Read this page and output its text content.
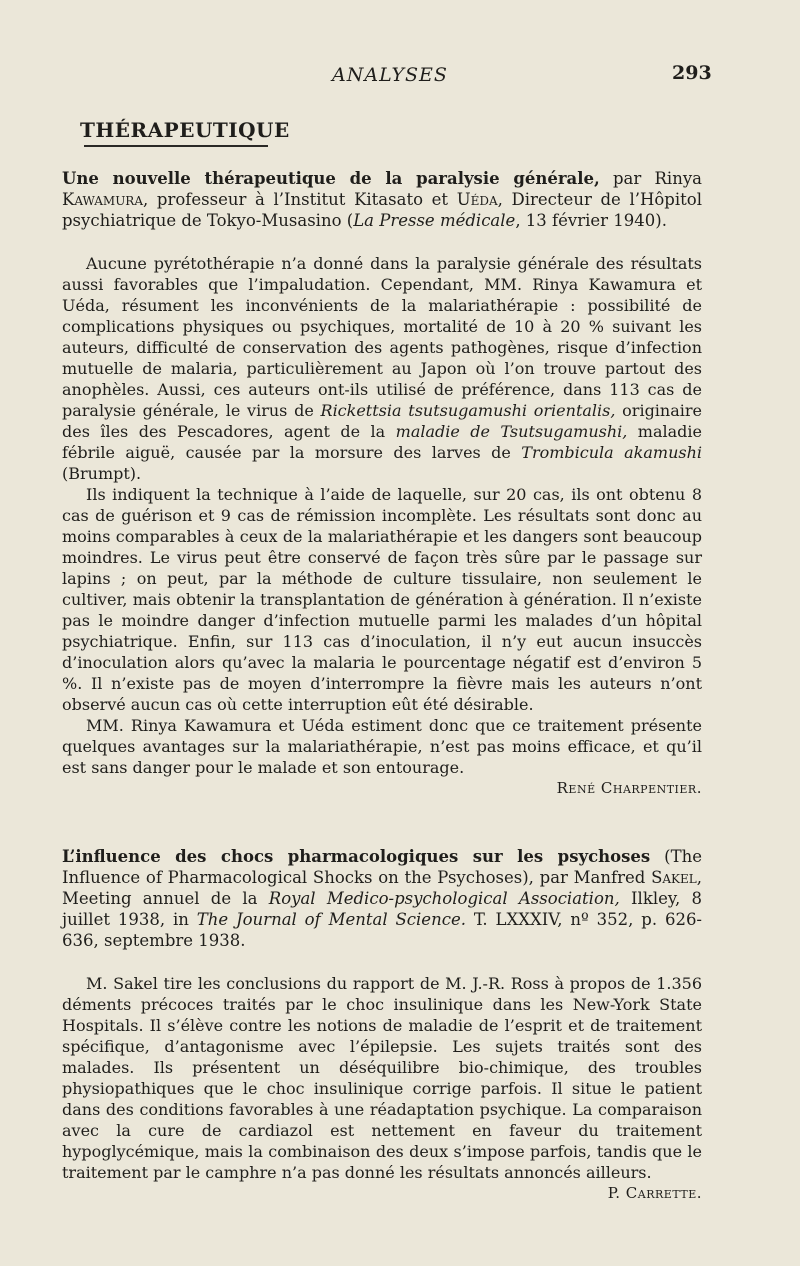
ANALYSES	293
THÉRAPEUTIQUE

Une nouvelle thérapeutique de la paralysie générale, par Rinya Kawamura, professeur à l’Institut Kitasato et Uéda, Directeur de l’Hôpitol psychiatrique de Tokyo-Musasino (La Presse médicale, 13 février 1940).

Aucune pyrétothérapie n’a donné dans la paralysie générale des résultats aussi favorables que l’impaludation. Cependant, MM. Rinya Kawamura et Uéda, résument les inconvénients de la malariathérapie : possibilité de complications physiques ou psychiques, mortalité de 10 à 20 % suivant les auteurs, difficulté de conservation des agents pathogènes, risque d’infection mutuelle de malaria, particulièrement au Japon où l’on trouve partout des anophèles. Aussi, ces auteurs ont-ils utilisé de préférence, dans 113 cas de paralysie générale, le virus de Rickettsia tsutsugamushi orientalis, originaire des îles des Pescadores, agent de la maladie de Tsutsugamushi, maladie fébrile aiguë, causée par la morsure des larves de Trombicula akamushi (Brumpt).

Ils indiquent la technique à l’aide de laquelle, sur 20 cas, ils ont obtenu 8 cas de guérison et 9 cas de rémission incomplète. Les résultats sont donc au moins comparables à ceux de la malariathérapie et les dangers sont beaucoup moindres. Le virus peut être conservé de façon très sûre par le passage sur lapins ; on peut, par la méthode de culture tissulaire, non seulement le cultiver, mais obtenir la transplantation de génération à génération. Il n’existe pas le moindre danger d’infection mutuelle parmi les malades d’un hôpital psychiatrique. Enfin, sur 113 cas d’inoculation, il n’y eut aucun insuccès d’inoculation alors qu’avec la malaria le pourcentage négatif est d’environ 5 %. Il n’existe pas de moyen d’interrompre la fièvre mais les auteurs n’ont observé aucun cas où cette interruption eût été désirable.

MM. Rinya Kawamura et Uéda estiment donc que ce traitement présente quelques avantages sur la malariathérapie, n’est pas moins efficace, et qu’il est sans danger pour le malade et son entourage.

René Charpentier.

L’influence des chocs pharmacologiques sur les psychoses (The Influence of Pharmacological Shocks on the Psychoses), par Manfred Sakel, Meeting annuel de la Royal Medico-psychological Association, Ilkley, 8 juillet 1938, in The Journal of Mental Science. T. LXXXIV, nº 352, p. 626-636, septembre 1938.

M. Sakel tire les conclusions du rapport de M. J.-R. Ross à propos de 1.356 déments précoces traités par le choc insulinique dans les New-York State Hospitals. Il s’élève contre les notions de maladie de l’esprit et de traitement spécifique, d’antagonisme avec l’épilepsie. Les sujets traités sont des malades. Ils présentent un déséquilibre bio-chimique, des troubles physiopathiques que le choc insulinique corrige parfois. Il situe le patient dans des conditions favorables à une réadaptation psychique. La comparaison avec la cure de cardiazol est nettement en faveur du traitement hypoglycémique, mais la combinaison des deux s’impose parfois, tandis que le traitement par le camphre n’a pas donné les résultats annoncés ailleurs.

P. Carrette.
